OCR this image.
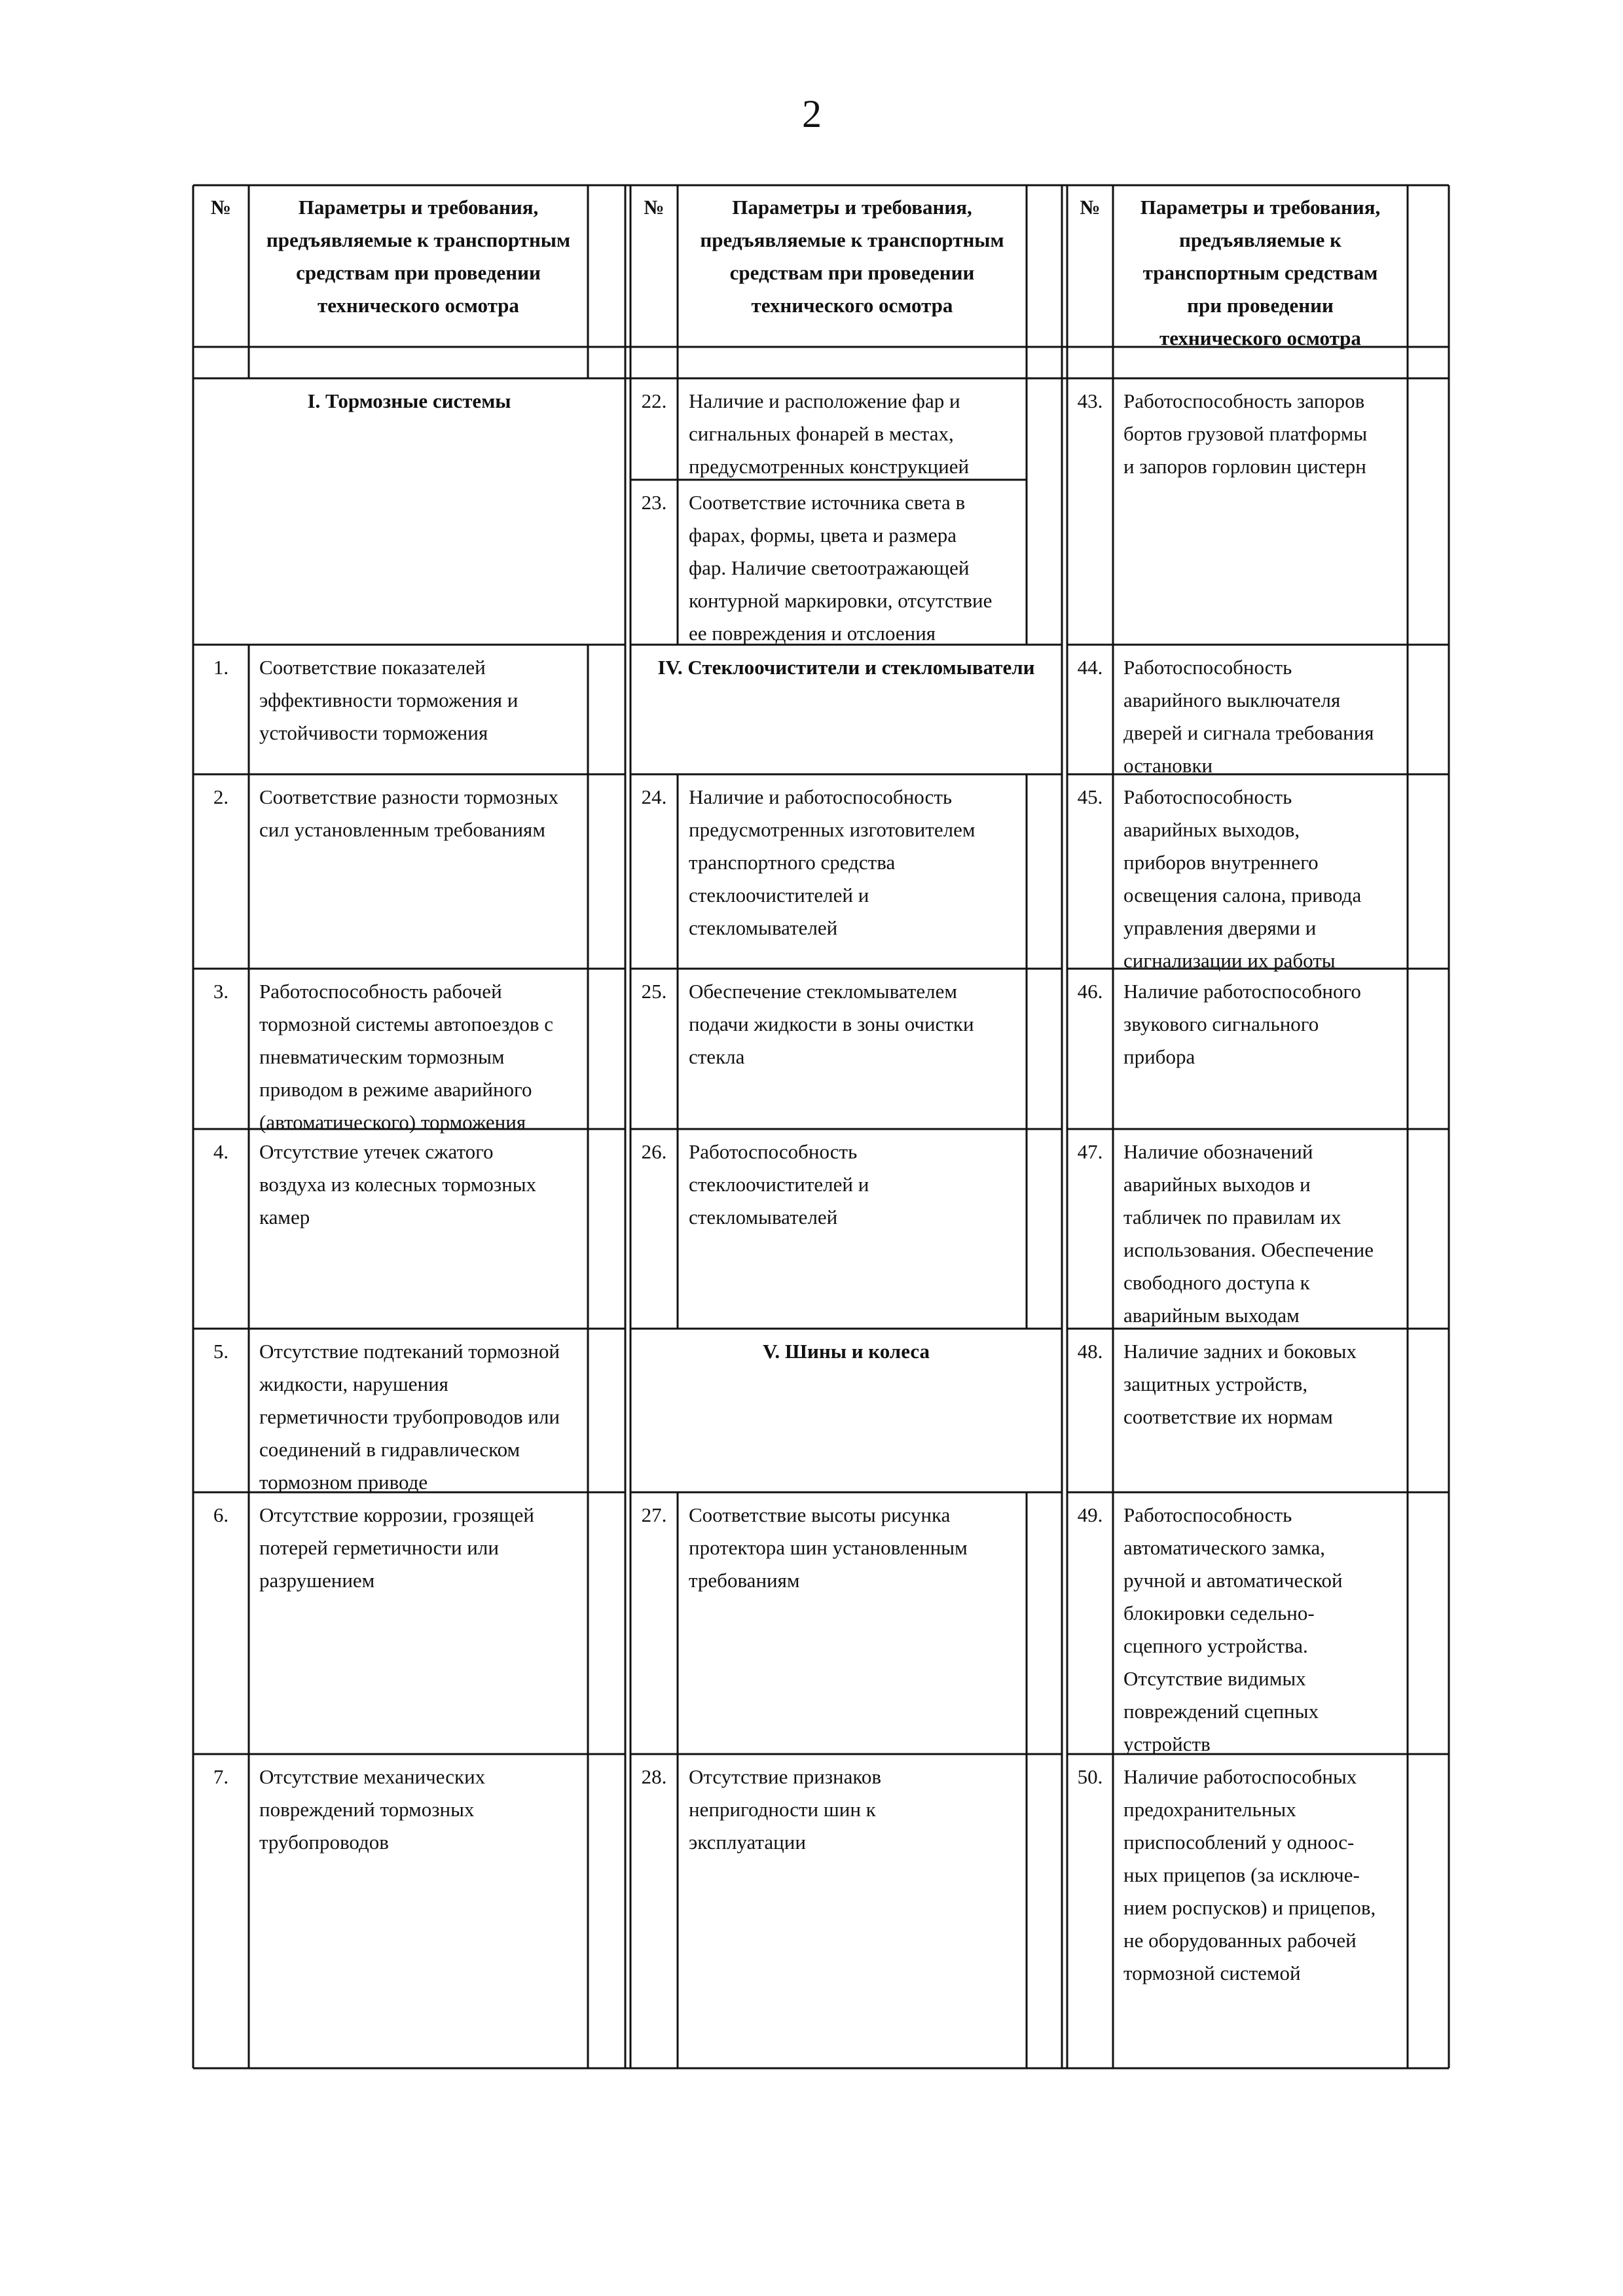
2
№	Параметры и требования,
предъявляемые к транспортным
средствам при проведении
технического осмотра
№	Параметры и требования,
предъявляемые к транспортным
средствам при проведении
технического осмотра
№	Параметры и требования,
предъявляемые к
транспортным средствам
при проведении
технического осмотра
I. Тормозные системы
IV. Стеклоочистители и стекломыватели
V. Шины и колеса
1.	Соответствие показателей
эффективности торможения и
устойчивости торможения
2.	Соответствие разности тормозных
сил установленным требованиям
3.	Работоспособность рабочей
тормозной системы автопоездов с
пневматическим тормозным
приводом в режиме аварийного
(автоматического) торможения
4.	Отсутствие утечек сжатого
воздуха из колесных тормозных
камер
5.	Отсутствие подтеканий тормозной
жидкости, нарушения
герметичности трубопроводов или
соединений в гидравлическом
тормозном приводе
6.	Отсутствие коррозии, грозящей
потерей герметичности или
разрушением
7.	Отсутствие механических
повреждений тормозных
трубопроводов
22.	Наличие и расположение фар и
сигнальных фонарей в местах,
предусмотренных конструкцией
23.	Соответствие источника света в
фарах, формы, цвета и размера
фар. Наличие светоотражающей
контурной маркировки, отсутствие
ее повреждения и отслоения
24.	Наличие и работоспособность
предусмотренных изготовителем
транспортного средства
стеклоочистителей и
стекломывателей
25.	Обеспечение стекломывателем
подачи жидкости в зоны очистки
стекла
26.	Работоспособность
стеклоочистителей и
стекломывателей
27.	Соответствие высоты рисунка
протектора шин установленным
требованиям
28.	Отсутствие признаков
непригодности шин к
эксплуатации
43.	Работоспособность запоров
бортов грузовой платформы
и запоров горловин цистерн
44.	Работоспособность
аварийного выключателя
дверей и сигнала требования
остановки
45.	Работоспособность
аварийных выходов,
приборов внутреннего
освещения салона, привода
управления дверями и
сигнализации их работы
46.	Наличие работоспособного
звукового сигнального
прибора
47.	Наличие обозначений
аварийных выходов и
табличек по правилам их
использования. Обеспечение
свободного доступа к
аварийным выходам
48.	Наличие задних и боковых
защитных устройств,
соответствие их нормам
49.	Работоспособность
автоматического замка,
ручной и автоматической
блокировки седельно-
сцепного устройства.
Отсутствие видимых
повреждений сцепных
устройств
50.	Наличие работоспособных
предохранительных
приспособлений у одноос-
ных прицепов (за исключе-
нием роспусков) и прицепов,
не оборудованных рабочей
тормозной системой
